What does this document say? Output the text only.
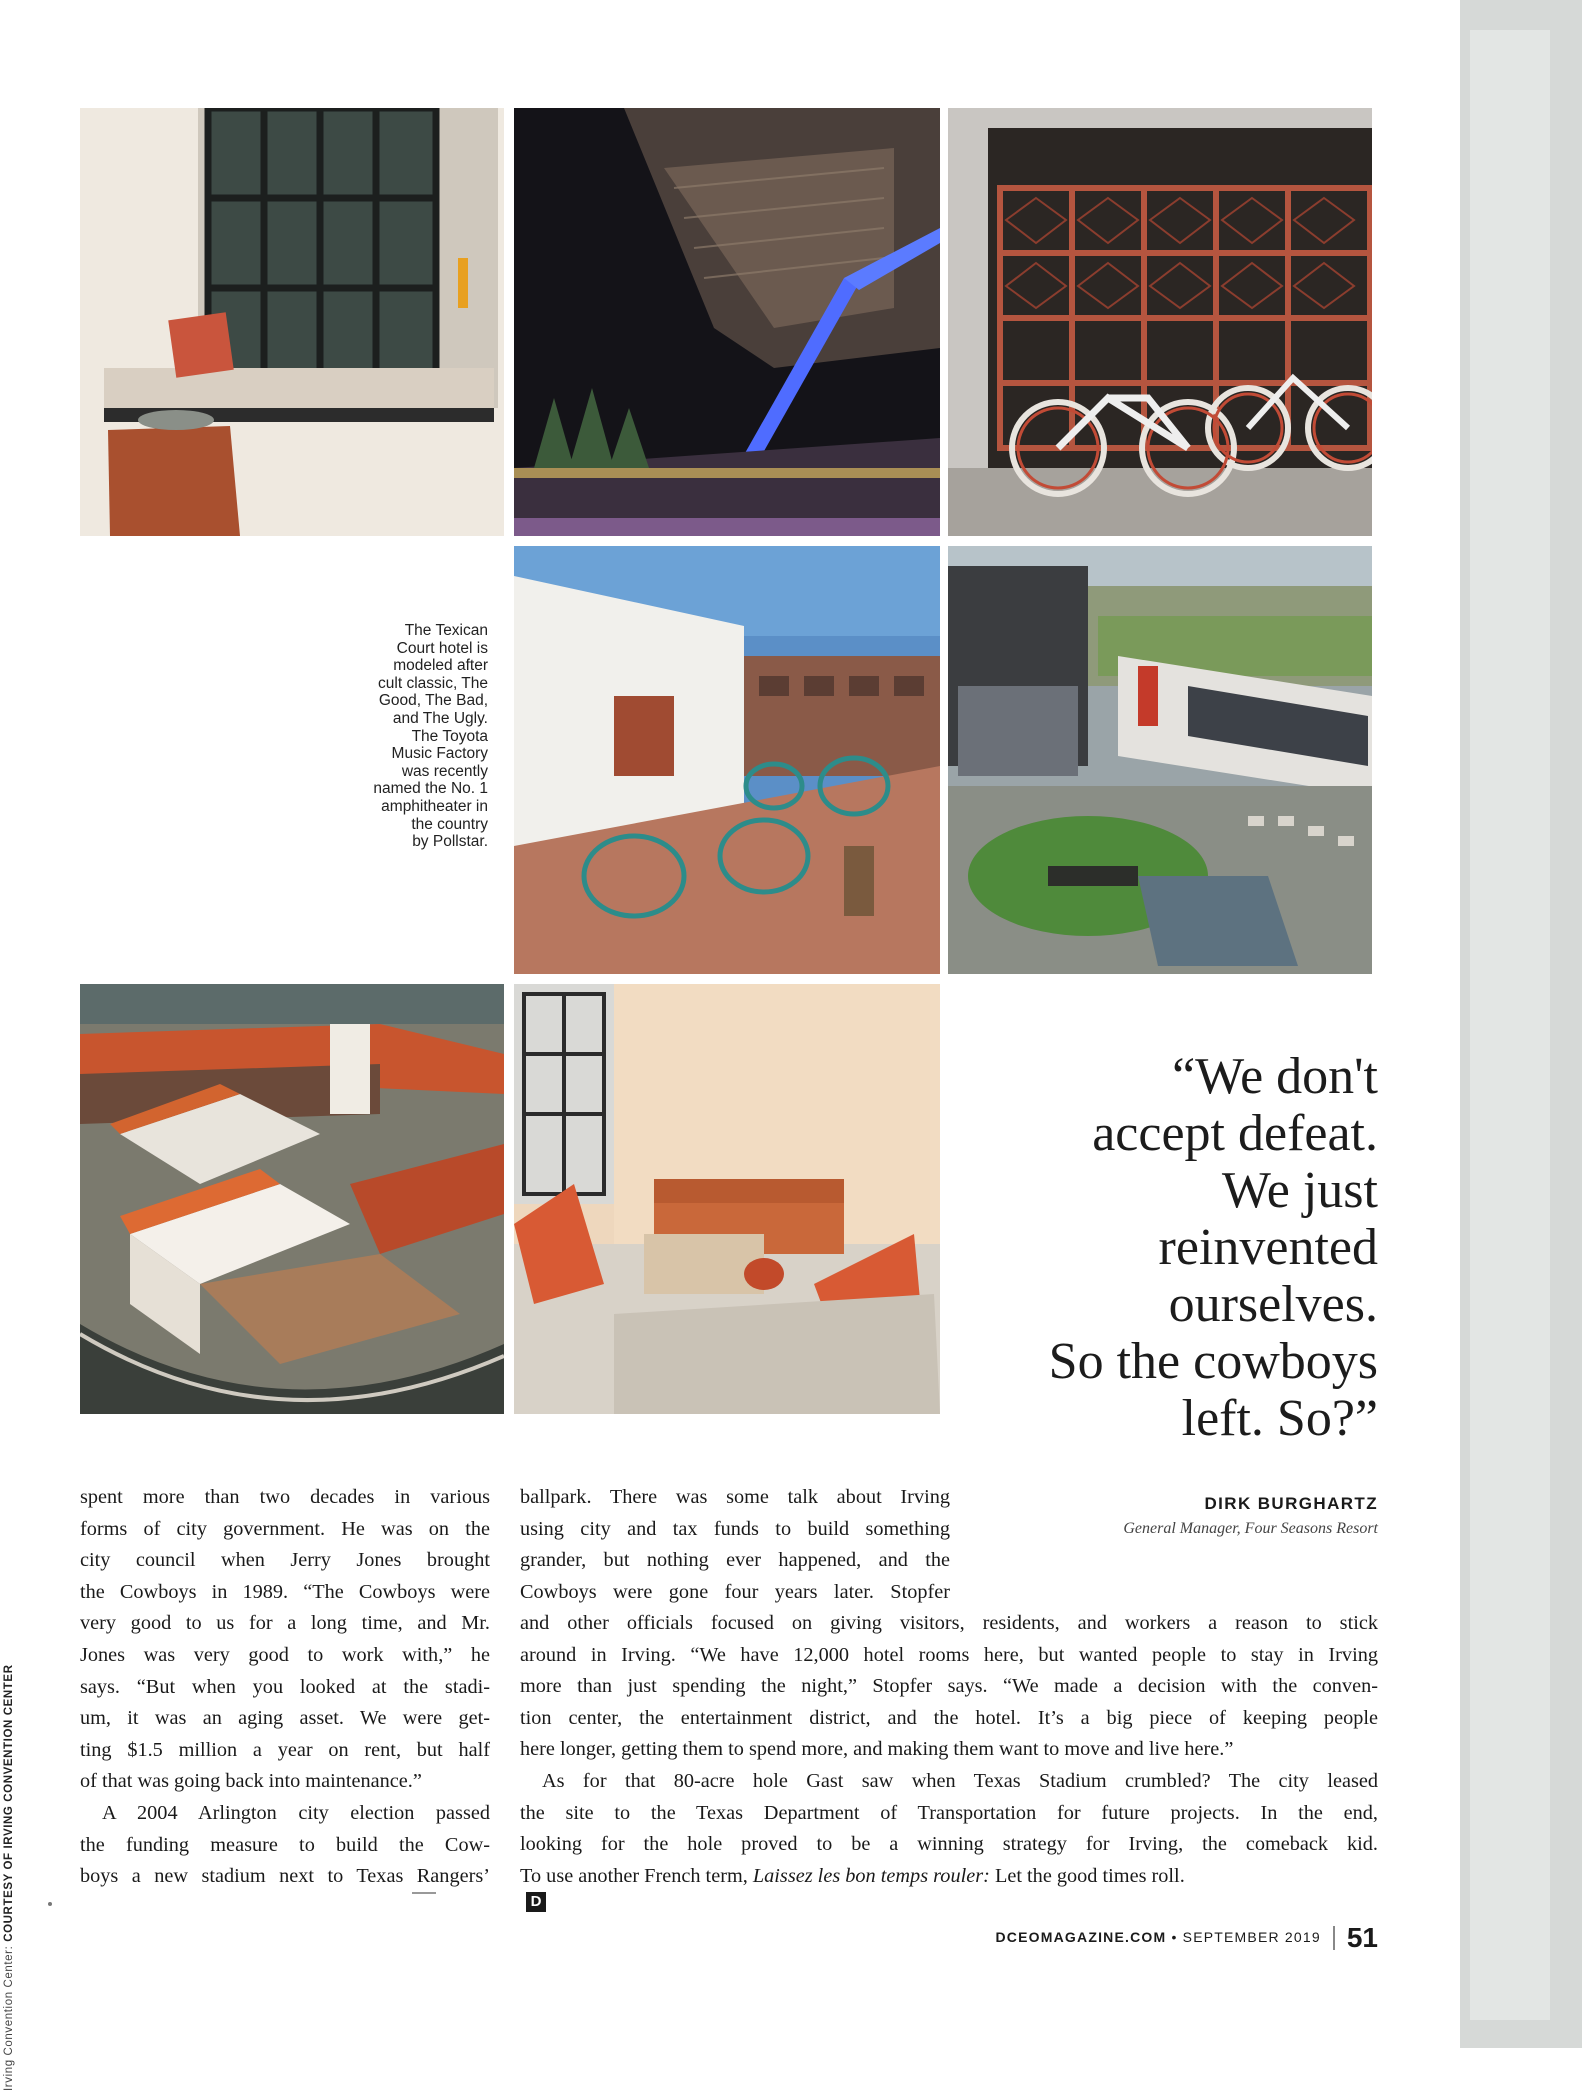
The Texican
Court hotel is
modeled after
cult classic, The
Good, The Bad,
and The Ugly.
The Toyota
Music Factory
was recently
named the No. 1
amphitheater in
the country
by Pollstar.
Irving Convention Center: COURTESY OF IRVING CONVENTION CENTER
“We don't
accept defeat.
We just
reinvented
ourselves.
So the cowboys
left. So?”
DIRK BURGHARTZ
General Manager, Four Seasons Resort
spent more than two decades in various
forms of city government. He was on the
city council when Jerry Jones brought
the Cowboys in 1989. “The Cowboys were
very good to us for a long time, and Mr.
Jones was very good to work with,” he
says. “But when you looked at the stadi-
um, it was an aging asset. We were get-
ting $1.5 million a year on rent, but half
of that was going back into maintenance.”
A 2004 Arlington city election passed
the funding measure to build the Cow-
boys a new stadium next to Texas Rangers’
ballpark. There was some talk about Irving
using city and tax funds to build something
grander, but nothing ever happened, and the
Cowboys were gone four years later. Stopfer
and other officials focused on giving visitors, residents, and workers a reason to stick
around in Irving. “We have 12,000 hotel rooms here, but wanted people to stay in Irving
more than just spending the night,” Stopfer says. “We made a decision with the conven-
tion center, the entertainment district, and the hotel. It’s a big piece of keeping people
here longer, getting them to spend more, and making them want to move and live here.”
As for that 80-acre hole Gast saw when Texas Stadium crumbled? The city leased
the site to the Texas Department of Transportation for future projects. In the end,
looking for the hole proved to be a winning strategy for Irving, the comeback kid.
To use another French term, Laissez les bon temps rouler: Let the good times roll.
D
DCEOMAGAZINE.COM • SEPTEMBER 2019 51
